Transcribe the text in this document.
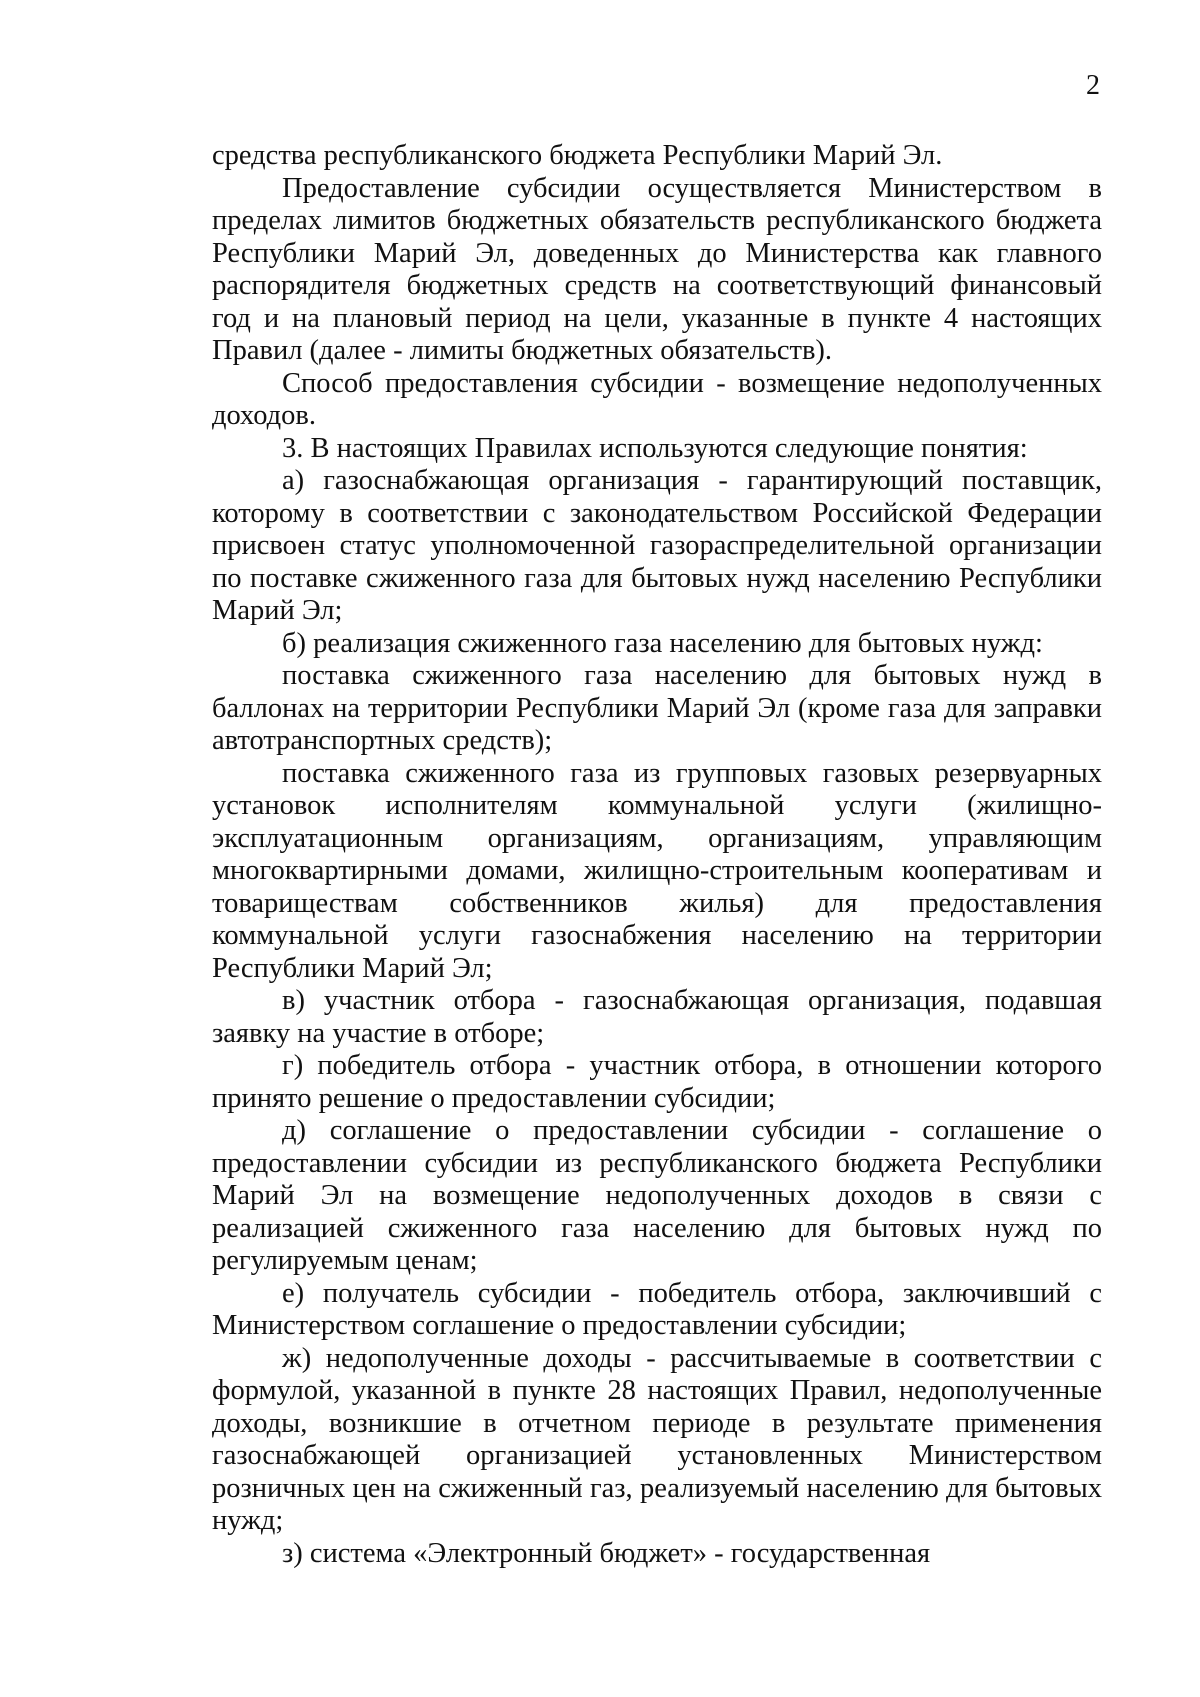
2

средства республиканского бюджета Республики Марий Эл.

Предоставление субсидии осуществляется Министерством в пределах лимитов бюджетных обязательств республиканского бюджета Республики Марий Эл, доведенных до Министерства как главного распорядителя бюджетных средств на соответствующий финансовый год и на плановый период на цели, указанные в пункте 4 настоящих Правил (далее - лимиты бюджетных обязательств).

Способ предоставления субсидии - возмещение недополученных доходов.

3. В настоящих Правилах используются следующие понятия:

а) газоснабжающая организация - гарантирующий поставщик, которому в соответствии с законодательством Российской Федерации присвоен статус уполномоченной газораспределительной организации по поставке сжиженного газа для бытовых нужд населению Республики Марий Эл;

б) реализация сжиженного газа населению для бытовых нужд:

поставка сжиженного газа населению для бытовых нужд в баллонах на территории Республики Марий Эл (кроме газа для заправки автотранспортных средств);

поставка сжиженного газа из групповых газовых резервуарных установок исполнителям коммунальной услуги (жилищно-эксплуатационным организациям, организациям, управляющим многоквартирными домами, жилищно-строительным кооперативам и товариществам собственников жилья) для предоставления коммунальной услуги газоснабжения населению на территории Республики Марий Эл;

в) участник отбора - газоснабжающая организация, подавшая заявку на участие в отборе;

г) победитель отбора - участник отбора, в отношении которого принято решение о предоставлении субсидии;

д) соглашение о предоставлении субсидии - соглашение о предоставлении субсидии из республиканского бюджета Республики Марий Эл на возмещение недополученных доходов в связи с реализацией сжиженного газа населению для бытовых нужд по регулируемым ценам;

е) получатель субсидии - победитель отбора, заключивший с Министерством соглашение о предоставлении субсидии;

ж) недополученные доходы - рассчитываемые в соответствии с формулой, указанной в пункте 28 настоящих Правил, недополученные доходы, возникшие в отчетном периоде в результате применения газоснабжающей организацией установленных Министерством розничных цен на сжиженный газ, реализуемый населению для бытовых нужд;

з) система «Электронный бюджет» - государственная
